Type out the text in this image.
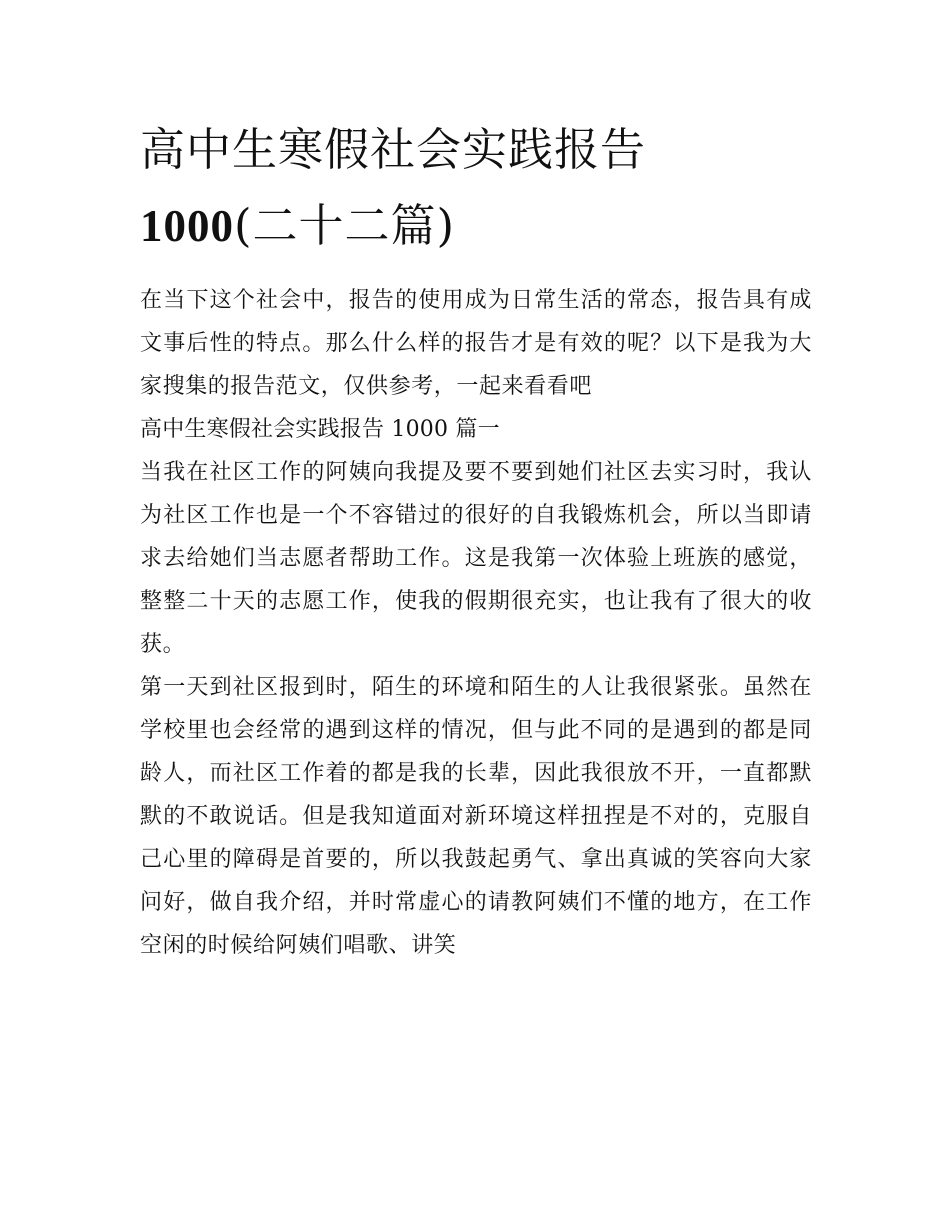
高中生寒假社会实践报告
1000(二十二篇)

在当下这个社会中，报告的使用成为日常生活的常态，报告具有成文事后性的特点。那么什么样的报告才是有效的呢？以下是我为大家搜集的报告范文，仅供参考，一起来看看吧

高中生寒假社会实践报告 1000 篇一

当我在社区工作的阿姨向我提及要不要到她们社区去实习时，我认为社区工作也是一个不容错过的很好的自我锻炼机会，所以当即请求去给她们当志愿者帮助工作。这是我第一次体验上班族的感觉，整整二十天的志愿工作，使我的假期很充实，也让我有了很大的收获。

第一天到社区报到时，陌生的环境和陌生的人让我很紧张。虽然在学校里也会经常的遇到这样的情况，但与此不同的是遇到的都是同龄人，而社区工作着的都是我的长辈，因此我很放不开，一直都默默的不敢说话。但是我知道面对新环境这样扭捏是不对的，克服自己心里的障碍是首要的，所以我鼓起勇气、拿出真诚的笑容向大家问好，做自我介绍，并时常虚心的请教阿姨们不懂的地方，在工作空闲的时候给阿姨们唱歌、讲笑
